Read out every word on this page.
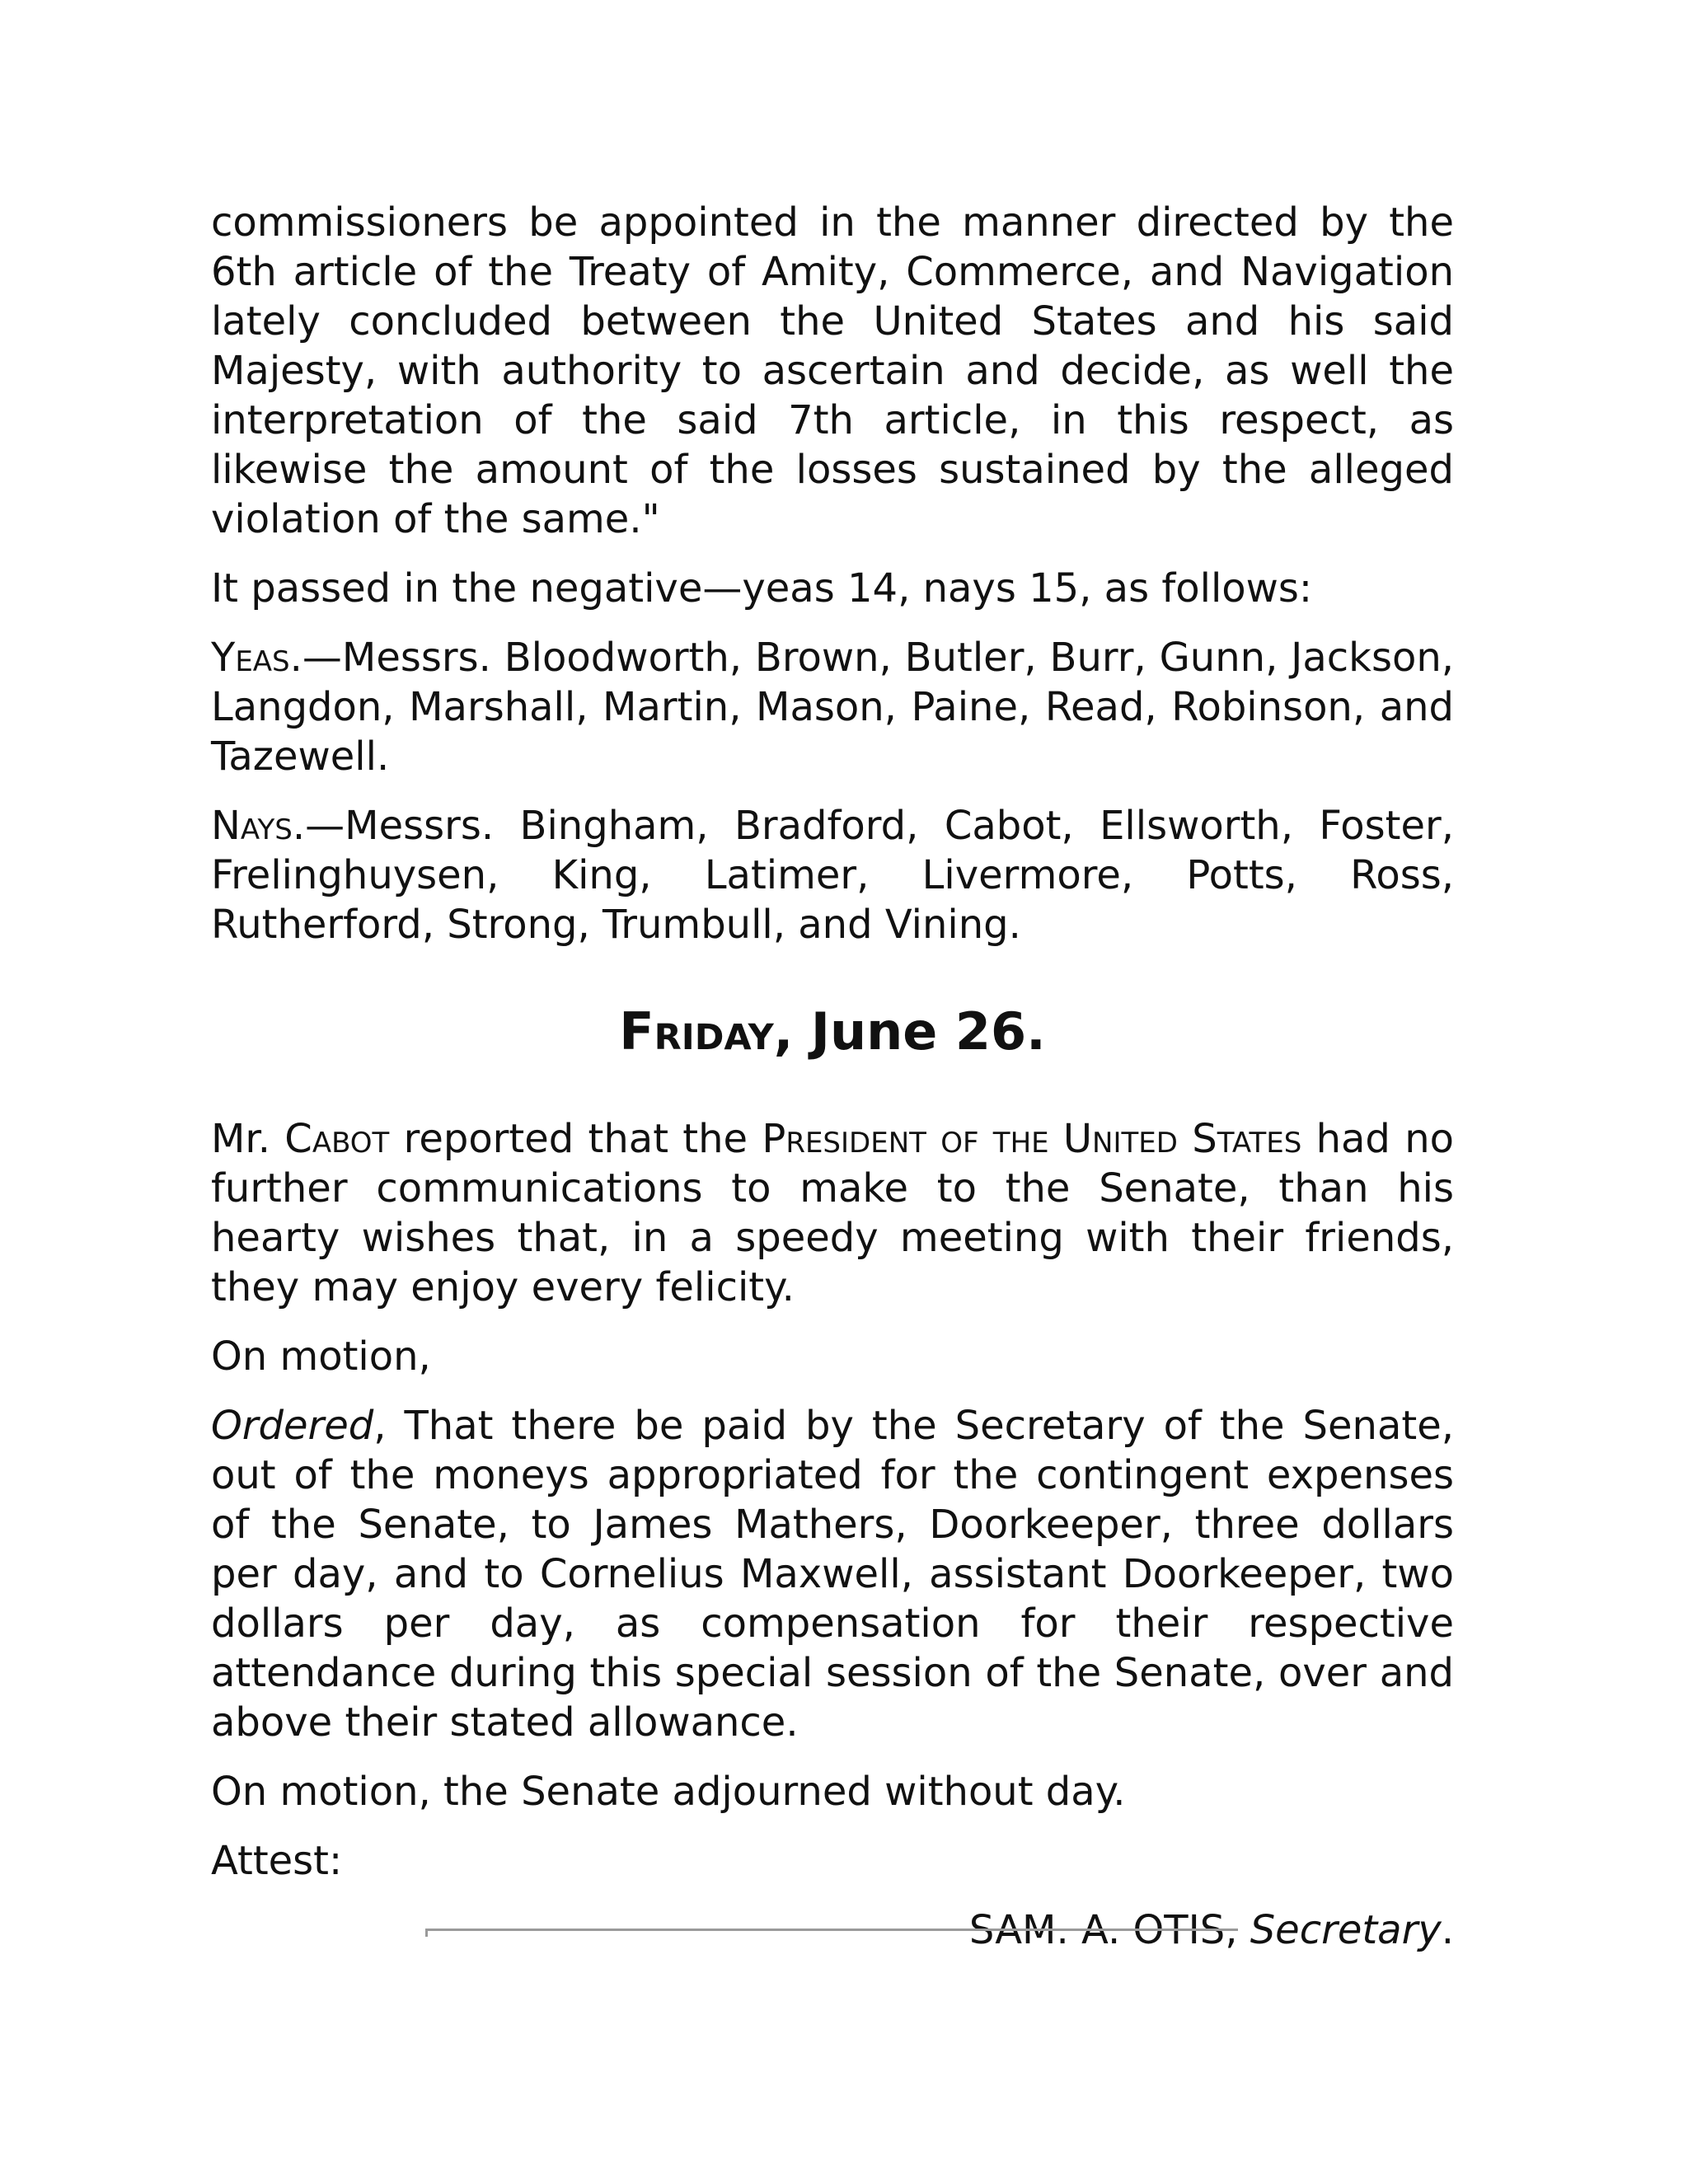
commissioners be appointed in the manner directed by the 6th article of the Treaty of Amity, Commerce, and Navigation lately concluded between the United States and his said Majesty, with authority to ascertain and decide, as well the interpretation of the said 7th article, in this respect, as likewise the amount of the losses sustained by the alleged violation of the same."

It passed in the negative—yeas 14, nays 15, as follows:

Yeas.—Messrs. Bloodworth, Brown, Butler, Burr, Gunn, Jackson, Langdon, Marshall, Martin, Mason, Paine, Read, Robinson, and Tazewell.

Nays.—Messrs. Bingham, Bradford, Cabot, Ellsworth, Foster, Frelinghuysen, King, Latimer, Livermore, Potts, Ross, Rutherford, Strong, Trumbull, and Vining.

Friday, June 26.

Mr. Cabot reported that the President of the United States had no further communications to make to the Senate, than his hearty wishes that, in a speedy meeting with their friends, they may enjoy every felicity.

On motion,

Ordered, That there be paid by the Secretary of the Senate, out of the moneys appropriated for the contingent expenses of the Senate, to James Mathers, Doorkeeper, three dollars per day, and to Cornelius Maxwell, assistant Doorkeeper, two dollars per day, as compensation for their respective attendance during this special session of the Senate, over and above their stated allowance.

On motion, the Senate adjourned without day.

Attest:

SAM. A. OTIS, Secretary.
